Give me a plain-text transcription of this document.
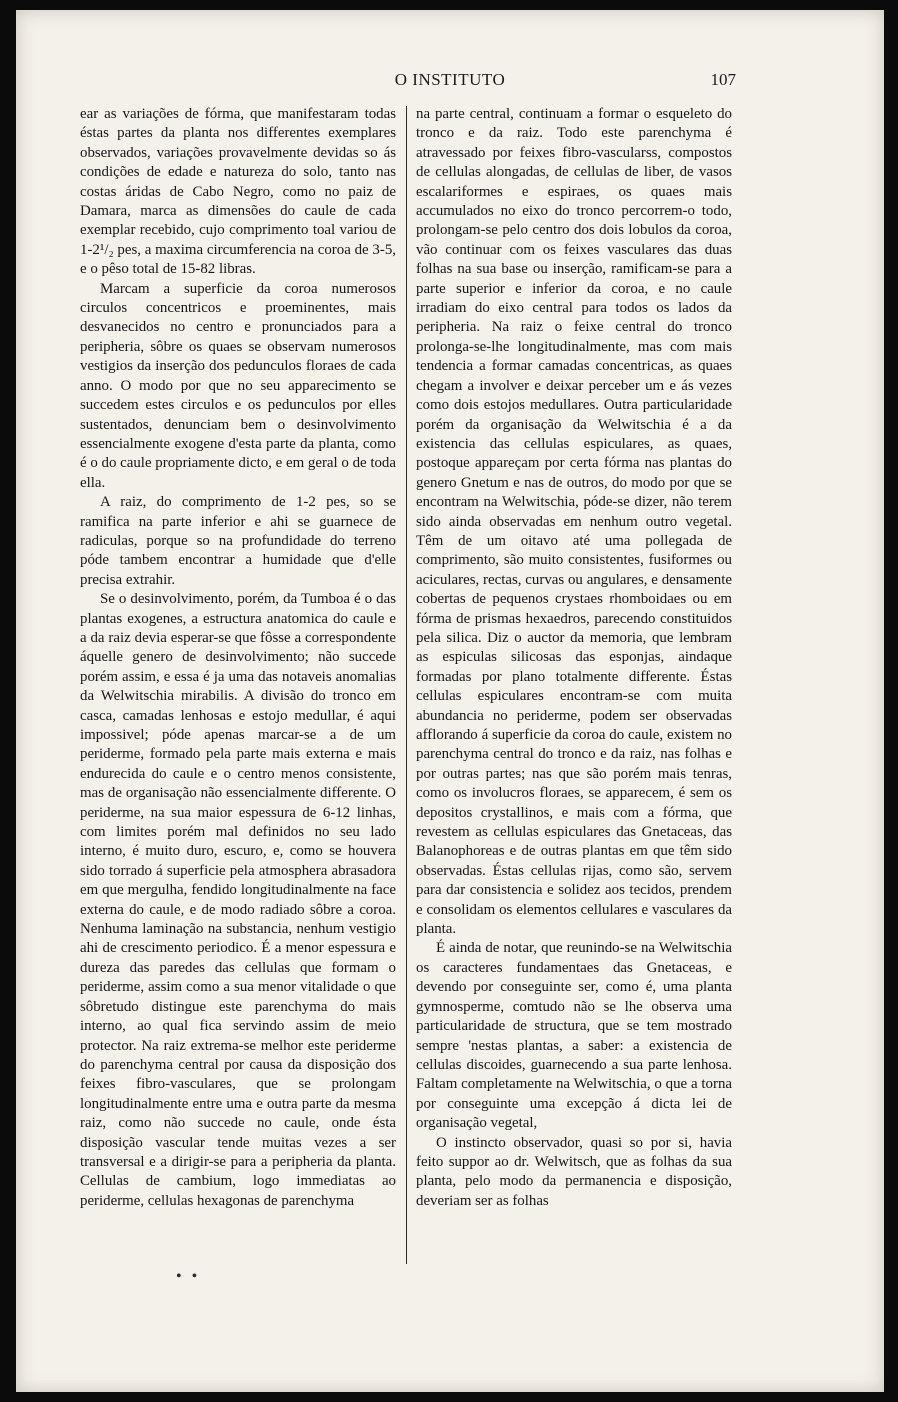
O INSTITUTO	107

ear as variações de fórma, que manifestaram todas éstas partes da planta nos differentes exemplares observados, variações provavelmente devidas so ás condições de edade e natureza do solo, tanto nas costas áridas de Cabo Negro, como no paiz de Damara, marca as dimensões do caule de cada exemplar recebido, cujo comprimento toal variou de 1-2¹/₂ pes, a maxima circumferencia na coroa de 3-5, e o pêso total de 15-82 libras.

Marcam a superficie da coroa numerosos circulos concentricos e proeminentes, mais desvanecidos no centro e pronunciados para a peripheria, sôbre os quaes se observam numerosos vestigios da inserção dos pedunculos floraes de cada anno. O modo por que no seu apparecimento se succedem estes circulos e os pedunculos por elles sustentados, denunciam bem o desinvolvimento essencialmente exogene d'esta parte da planta, como é o do caule propriamente dicto, e em geral o de toda ella.

A raiz, do comprimento de 1-2 pes, so se ramifica na parte inferior e ahi se guarnece de radiculas, porque so na profundidade do terreno póde tambem encontrar a humidade que d'elle precisa extrahir.

Se o desinvolvimento, porém, da Tumboa é o das plantas exogenes, a estructura anatomica do caule e a da raiz devia esperar-se que fôsse a correspondente áquelle genero de desinvolvimento; não succede porém assim, e essa é ja uma das notaveis anomalias da Welwitschia mirabilis. A divisão do tronco em casca, camadas lenhosas e estojo medullar, é aqui impossivel; póde apenas marcar-se a de um periderme, formado pela parte mais externa e mais endurecida do caule e o centro menos consistente, mas de organisação não essencialmente differente. O periderme, na sua maior espessura de 6-12 linhas, com limites porém mal definidos no seu lado interno, é muito duro, escuro, e, como se houvera sido torrado á superficie pela atmosphera abrasadora em que mergulha, fendido longitudinalmente na face externa do caule, e de modo radiado sôbre a coroa. Nenhuma laminação na substancia, nenhum vestigio ahi de crescimento periodico. É a menor espessura e dureza das paredes das cellulas que formam o periderme, assim como a sua menor vitalidade o que sôbretudo distingue este parenchyma do mais interno, ao qual fica servindo assim de meio protector. Na raiz extrema-se melhor este periderme do parenchyma central por causa da disposição dos feixes fibro-vasculares, que se prolongam longitudinalmente entre uma e outra parte da mesma raiz, como não succede no caule, onde ésta disposição vascular tende muitas vezes a ser transversal e a dirigir-se para a peripheria da planta. Cellulas de cambium, logo immediatas ao periderme, cellulas hexagonas de parenchyma

na parte central, continuam a formar o esqueleto do tronco e da raiz. Todo este parenchyma é atravessado por feixes fibro-vascularss, compostos de cellulas alongadas, de cellulas de liber, de vasos escalariformes e espiraes, os quaes mais accumulados no eixo do tronco percorrem-o todo, prolongam-se pelo centro dos dois lobulos da coroa, vão continuar com os feixes vasculares das duas folhas na sua base ou inserção, ramificam-se para a parte superior e inferior da coroa, e no caule irradiam do eixo central para todos os lados da peripheria. Na raiz o feixe central do tronco prolonga-se-lhe longitudinalmente, mas com mais tendencia a formar camadas concentricas, as quaes chegam a involver e deixar perceber um e ás vezes como dois estojos medullares. Outra particularidade porém da organisação da Welwitschia é a da existencia das cellulas espiculares, as quaes, postoque appareçam por certa fórma nas plantas do genero Gnetum e nas de outros, do modo por que se encontram na Welwitschia, póde-se dizer, não terem sido ainda observadas em nenhum outro vegetal. Têm de um oitavo até uma pollegada de comprimento, são muito consistentes, fusiformes ou aciculares, rectas, curvas ou angulares, e densamente cobertas de pequenos crystaes rhomboidaes ou em fórma de prismas hexaedros, parecendo constituidos pela silica. Diz o auctor da memoria, que lembram as espiculas silicosas das esponjas, aindaque formadas por plano totalmente differente. Éstas cellulas espiculares encontram-se com muita abundancia no periderme, podem ser observadas afflorando á superficie da coroa do caule, existem no parenchyma central do tronco e da raiz, nas folhas e por outras partes; nas que são porém mais tenras, como os involucros floraes, se apparecem, é sem os depositos crystallinos, e mais com a fórma, que revestem as cellulas espiculares das Gnetaceas, das Balanophoreas e de outras plantas em que têm sido observadas. Éstas cellulas rijas, como são, servem para dar consistencia e solidez aos tecidos, prendem e consolidam os elementos cellulares e vasculares da planta.

É ainda de notar, que reunindo-se na Welwitschia os caracteres fundamentaes das Gnetaceas, e devendo por conseguinte ser, como é, uma planta gymnosperme, comtudo não se lhe observa uma particularidade de structura, que se tem mostrado sempre 'nestas plantas, a saber: a existencia de cellulas discoides, guarnecendo a sua parte lenhosa. Faltam completamente na Welwitschia, o que a torna por conseguinte uma excepção á dicta lei de organisação vegetal,

O instincto observador, quasi so por si, havia feito suppor ao dr. Welwitsch, que as folhas da sua planta, pelo modo da permanencia e disposição, deveriam ser as folhas

• •
